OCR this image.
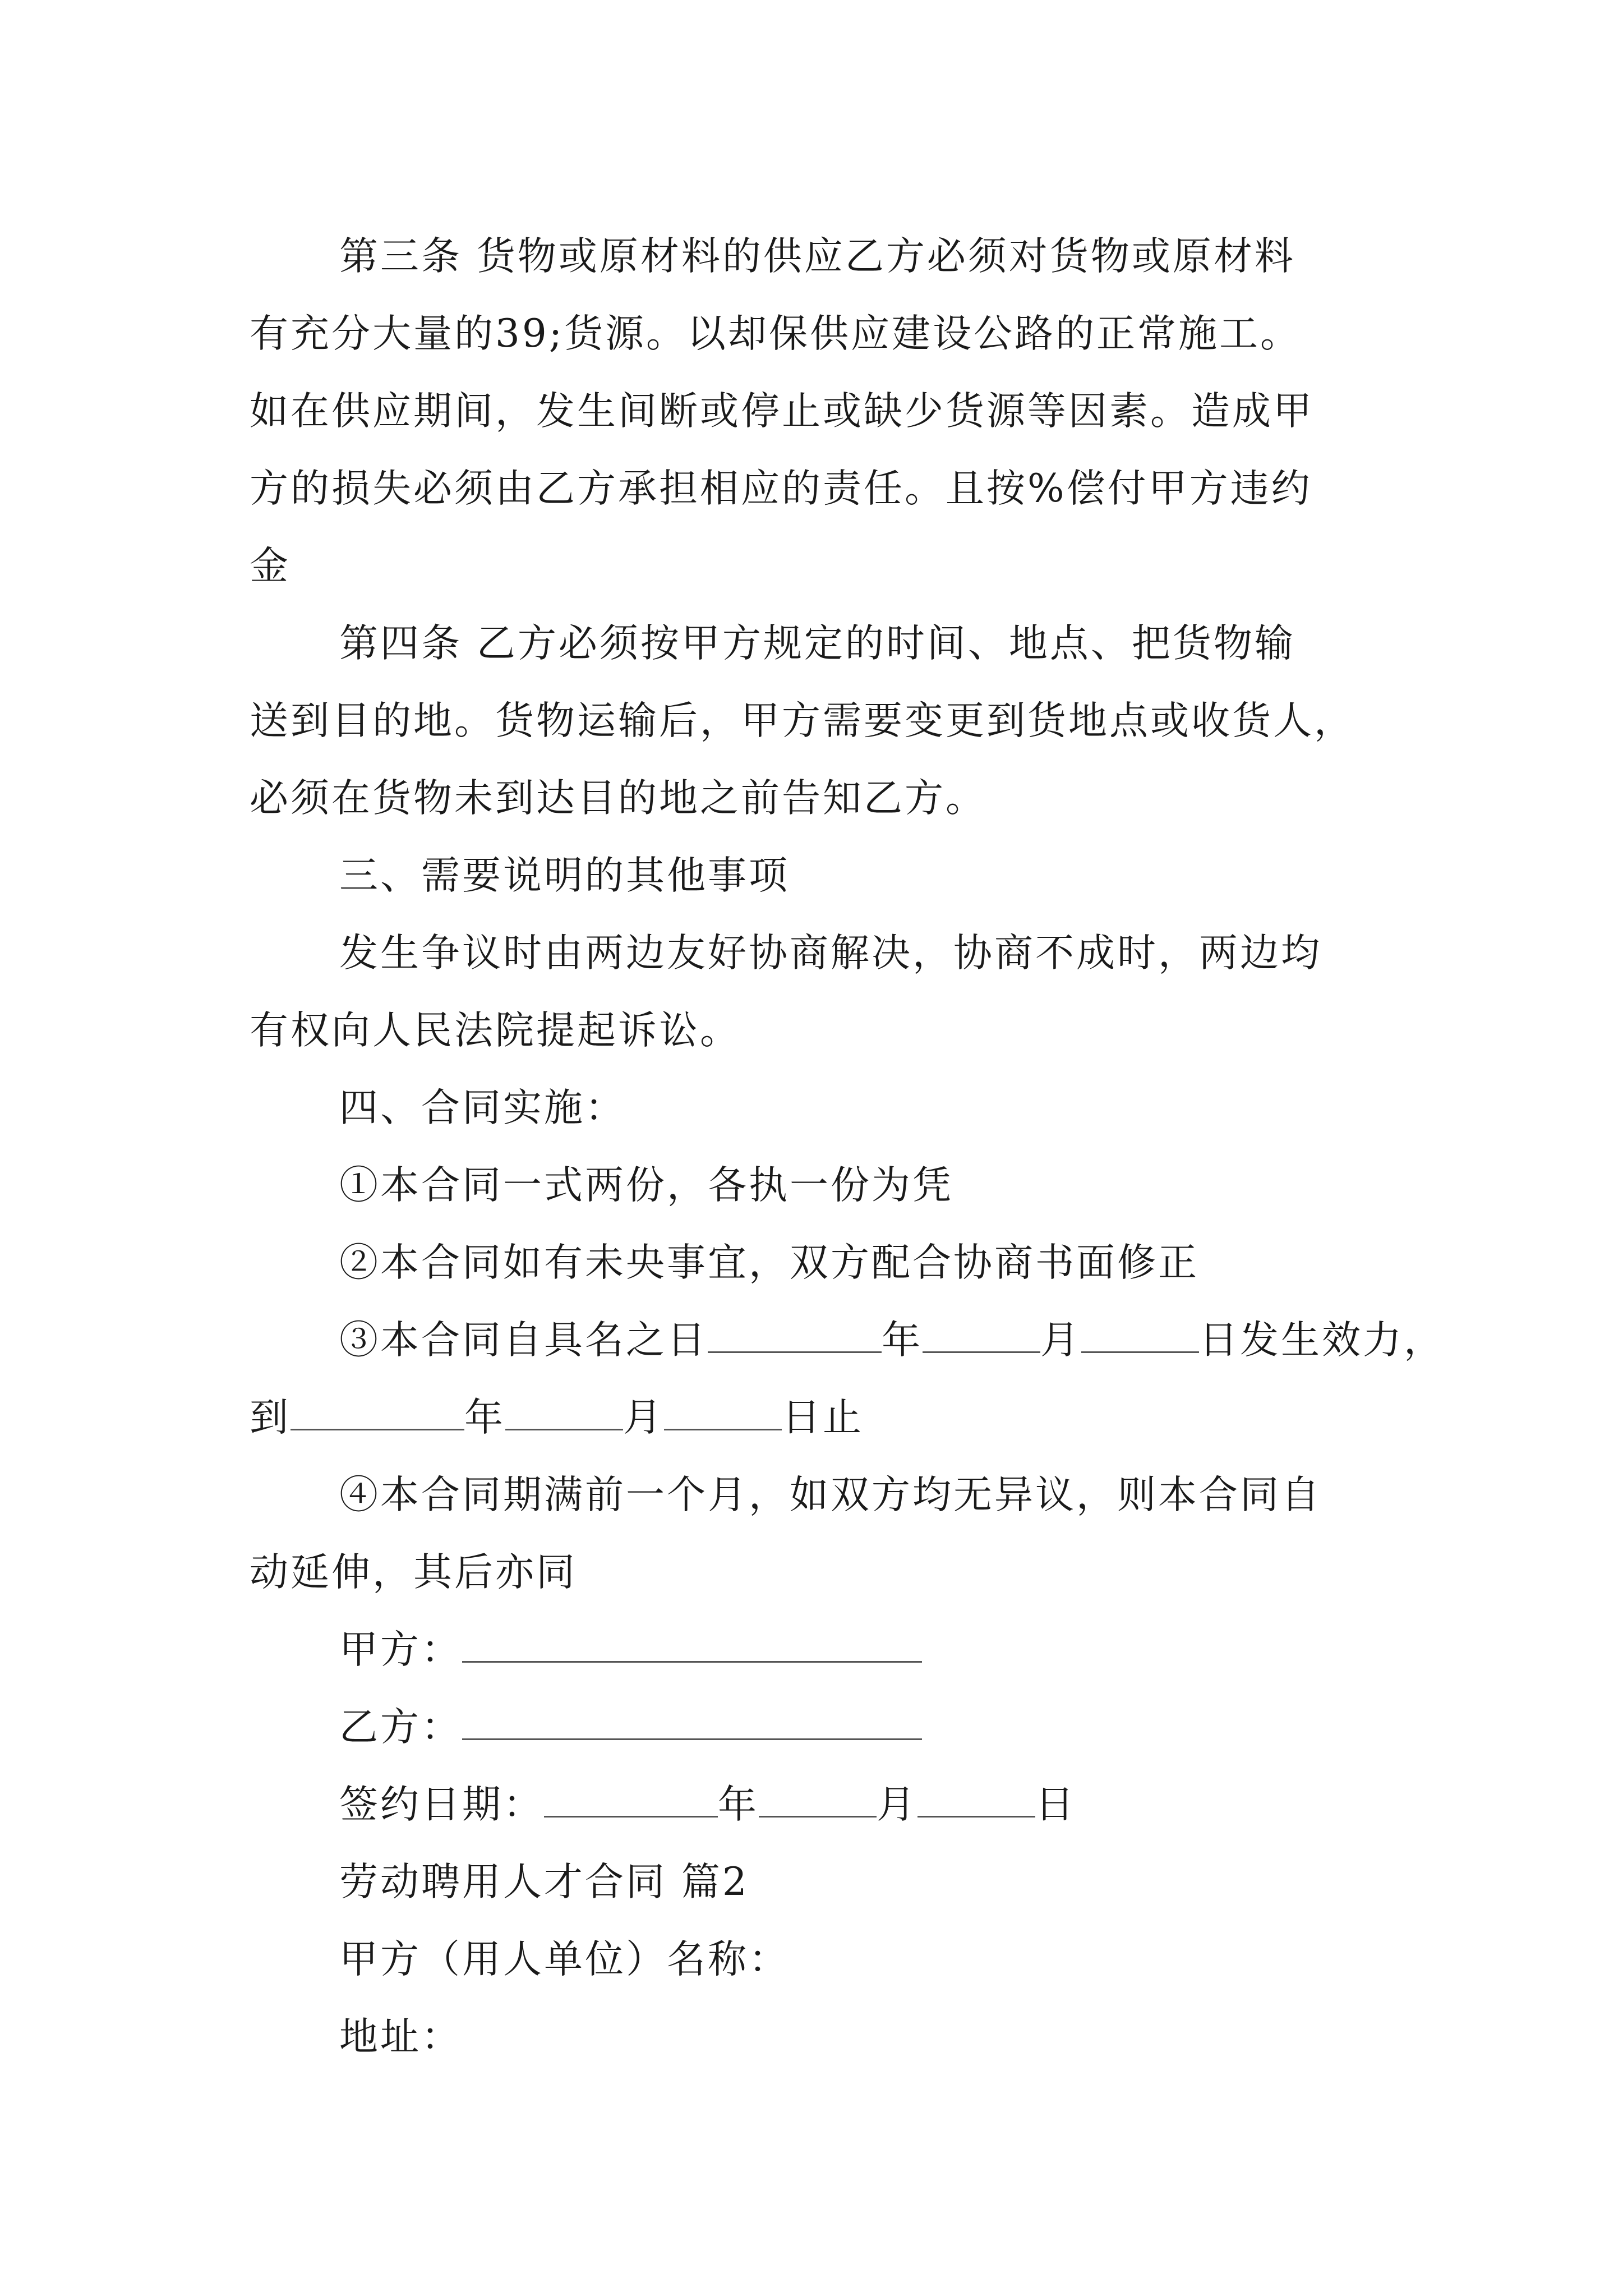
第三条 货物或原材料的供应乙方必须对货物或原材料

有充分大量的39;货源。以却保供应建设公路的正常施工。

如在供应期间，发生间断或停止或缺少货源等因素。造成甲

方的损失必须由乙方承担相应的责任。且按%偿付甲方违约

金

第四条 乙方必须按甲方规定的时间、地点、把货物输

送到目的地。货物运输后，甲方需要变更到货地点或收货人，

必须在货物未到达目的地之前告知乙方。

三、需要说明的其他事项

发生争议时由两边友好协商解决，协商不成时，两边均

有权向人民法院提起诉讼。

四、合同实施：

①本合同一式两份，各执一份为凭

②本合同如有未央事宜，双方配合协商书面修正

③本合同自具名之日	年	月	日发生效力，

到	年	月	日止

④本合同期满前一个月，如双方均无异议，则本合同自

动延伸，其后亦同

甲方：

乙方：

签约日期：	年	月	日

劳动聘用人才合同 篇2

甲方（用人单位）名称：

地址：
